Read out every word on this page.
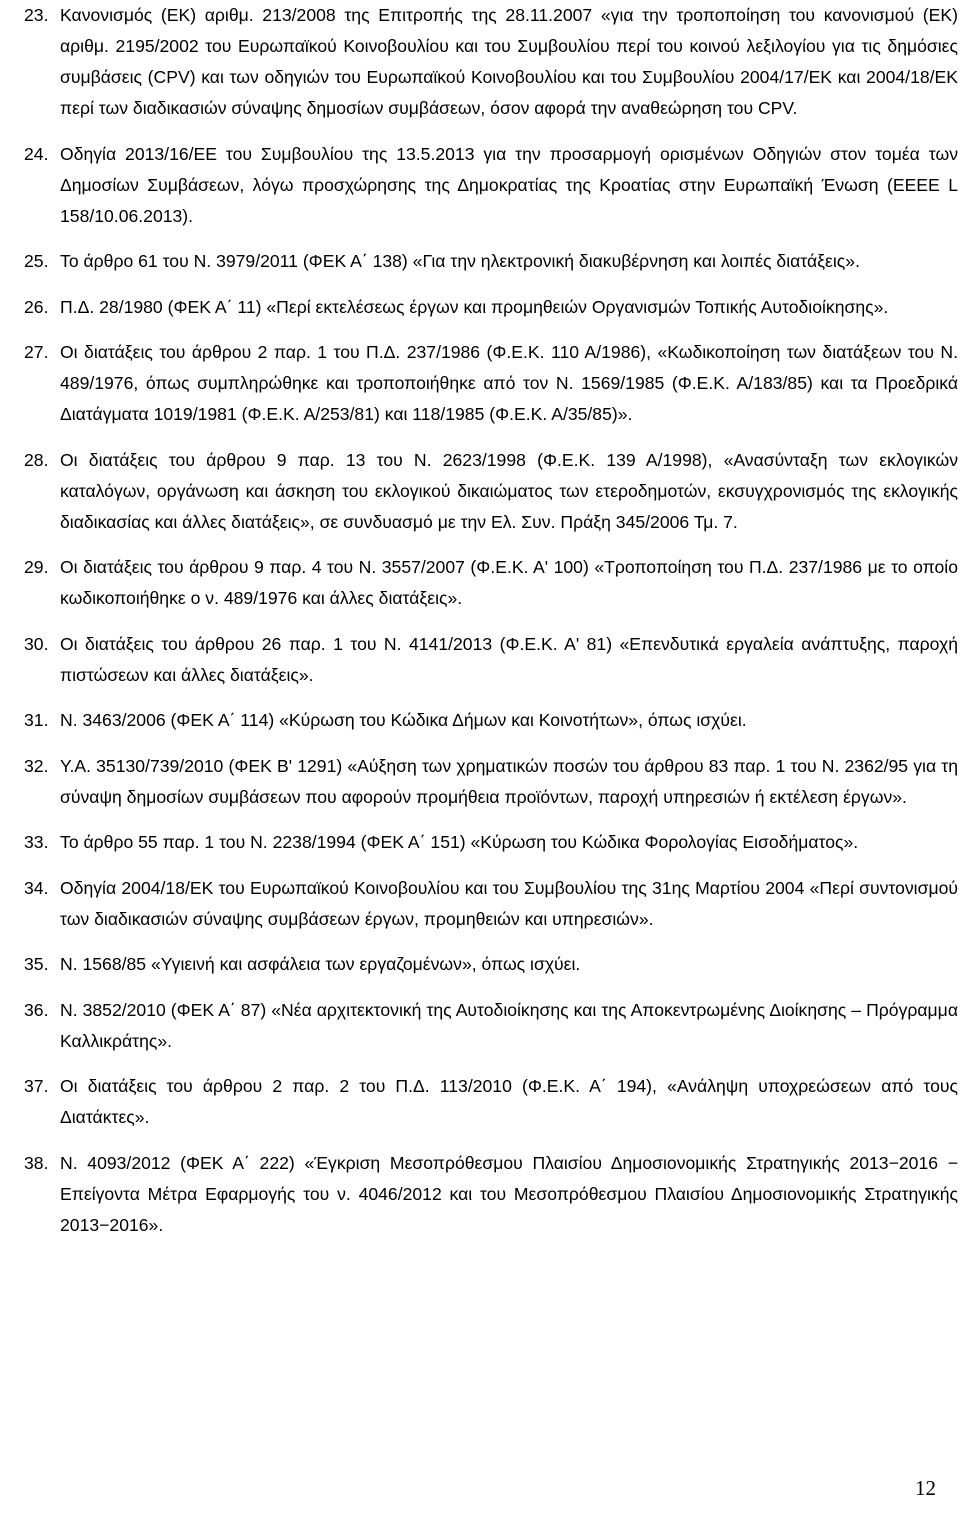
23. Κανονισμός (ΕΚ) αριθμ. 213/2008 της Επιτροπής της 28.11.2007 «για την τροποποίηση του κανονισμού (ΕΚ) αριθμ. 2195/2002 του Ευρωπαϊκού Κοινοβουλίου και του Συμβουλίου περί του κοινού λεξιλογίου για τις δημόσιες συμβάσεις (CPV) και των οδηγιών του Ευρωπαϊκού Κοινοβουλίου και του Συμβουλίου 2004/17/ΕΚ και 2004/18/ΕΚ περί των διαδικασιών σύναψης δημοσίων συμβάσεων, όσον αφορά την αναθεώρηση του CPV.
24. Οδηγία 2013/16/ΕΕ του Συμβουλίου της 13.5.2013 για την προσαρμογή ορισμένων Οδηγιών στον τομέα των Δημοσίων Συμβάσεων, λόγω προσχώρησης της Δημοκρατίας της Κροατίας στην Ευρωπαϊκή Ένωση (ΕΕΕΕ L 158/10.06.2013).
25. Το άρθρο 61 του Ν. 3979/2011 (ΦΕΚ Α΄ 138) «Για την ηλεκτρονική διακυβέρνηση και λοιπές διατάξεις».
26. Π.Δ. 28/1980 (ΦΕΚ Α΄ 11) «Περί εκτελέσεως έργων και προμηθειών Οργανισμών Τοπικής Αυτοδιοίκησης».
27. Οι διατάξεις του άρθρου 2 παρ. 1 του Π.Δ. 237/1986 (Φ.Ε.Κ. 110 Α/1986), «Κωδικοποίηση των διατάξεων του Ν. 489/1976, όπως συμπληρώθηκε και τροποποιήθηκε από τον Ν. 1569/1985 (Φ.Ε.Κ. Α/183/85) και τα Προεδρικά Διατάγματα 1019/1981 (Φ.Ε.Κ. Α/253/81) και 118/1985 (Φ.Ε.Κ. Α/35/85)».
28. Οι διατάξεις του άρθρου 9 παρ. 13 του Ν. 2623/1998 (Φ.Ε.Κ. 139 Α/1998), «Ανασύνταξη των εκλογικών καταλόγων, οργάνωση και άσκηση του εκλογικού δικαιώματος των ετεροδημοτών, εκσυγχρονισμός της εκλογικής διαδικασίας και άλλες διατάξεις», σε συνδυασμό με την Ελ. Συν. Πράξη 345/2006 Τμ. 7.
29. Οι διατάξεις του άρθρου 9 παρ. 4 του Ν. 3557/2007 (Φ.Ε.Κ. Α' 100) «Τροποποίηση του Π.Δ. 237/1986 με το οποίο κωδικοποιήθηκε ο ν. 489/1976 και άλλες διατάξεις».
30. Οι διατάξεις του άρθρου 26 παρ. 1 του Ν. 4141/2013 (Φ.Ε.Κ. Α' 81) «Επενδυτικά εργαλεία ανάπτυξης, παροχή πιστώσεων και άλλες διατάξεις».
31. Ν. 3463/2006 (ΦΕΚ Α΄ 114) «Κύρωση του Κώδικα Δήμων και Κοινοτήτων», όπως ισχύει.
32. Υ.Α. 35130/739/2010 (ΦΕΚ Β' 1291) «Αύξηση των χρηματικών ποσών του άρθρου 83 παρ. 1 του Ν. 2362/95 για τη σύναψη δημοσίων συμβάσεων που αφορούν προμήθεια προϊόντων, παροχή υπηρεσιών ή εκτέλεση έργων».
33. Το άρθρο 55 παρ. 1 του Ν. 2238/1994 (ΦΕΚ Α΄ 151) «Κύρωση του Κώδικα Φορολογίας Εισοδήματος».
34. Οδηγία 2004/18/ΕΚ του Ευρωπαϊκού Κοινοβουλίου και του Συμβουλίου της 31ης Μαρτίου 2004 «Περί συντονισμού των διαδικασιών σύναψης συμβάσεων έργων, προμηθειών και υπηρεσιών».
35. Ν. 1568/85 «Υγιεινή και ασφάλεια των εργαζομένων», όπως ισχύει.
36. Ν. 3852/2010 (ΦΕΚ Α΄ 87) «Νέα αρχιτεκτονική της Αυτοδιοίκησης και της Αποκεντρωμένης Διοίκησης – Πρόγραμμα Καλλικράτης».
37. Οι διατάξεις του άρθρου 2 παρ. 2 του Π.Δ. 113/2010 (Φ.Ε.Κ. Α΄ 194), «Ανάληψη υποχρεώσεων από τους Διατάκτες».
38. Ν. 4093/2012 (ΦΕΚ Α΄ 222) «Έγκριση Μεσοπρόθεσμου Πλαισίου Δημοσιονομικής Στρατηγικής 2013−2016 − Επείγοντα Μέτρα Εφαρμογής του ν. 4046/2012 και του Μεσοπρόθεσμου Πλαισίου Δημοσιονομικής Στρατηγικής 2013−2016».
12
